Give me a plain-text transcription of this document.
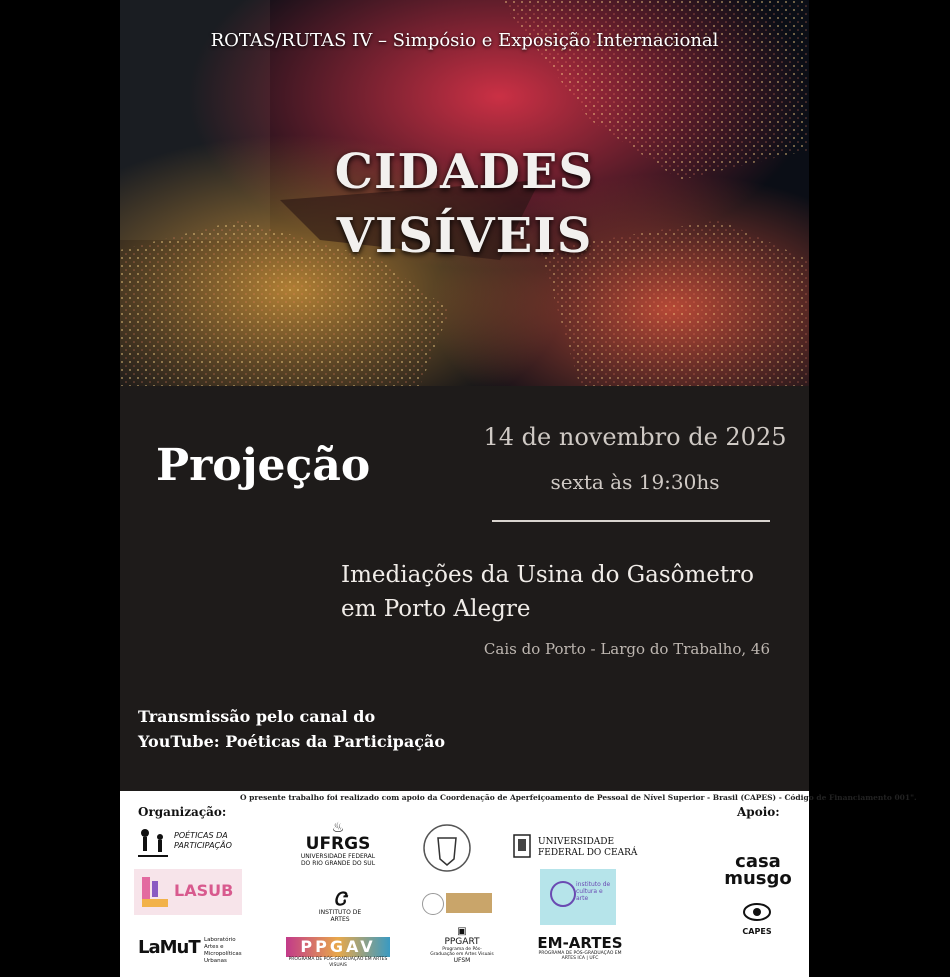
ROTAS/RUTAS IV – Simpósio e Exposição Internacional
CIDADES
VISÍVEIS
Projeção
14 de novembro de 2025
sexta às 19:30hs
Imediações da Usina do Gasômetro
em Porto Alegre
Cais do Porto - Largo do Trabalho, 46
Transmissão pelo canal do
YouTube: Poéticas da Participação
O presente trabalho foi realizado com apoio da Coordenação de Aperfeiçoamento de Pessoal de Nível Superior - Brasil (CAPES) - Código de Financiamento 001".
Organização:	Apoio:
POÉTICAS DA PARTICIPAÇÃO
♨
UFRGS
UNIVERSIDADE FEDERAL DO RIO GRANDE DO SUL
UNIVERSIDADE FEDERAL DO CEARÁ	casa
musgo
LASUB	Ꮳ
INSTITUTO DE ARTES
instituto de cultura e arte
CAPES
LaMuT Laboratório Artes e Micropolíticas Urbanas
PPGAV
PROGRAMA DE PÓS-GRADUAÇÃO EM ARTES VISUAIS
▣
PPGART
Programa de Pós-Graduação em Artes Visuais
UFSM
EM-ARTES
PROGRAMA DE PÓS-GRADUAÇÃO EM ARTES ICA | UFC
